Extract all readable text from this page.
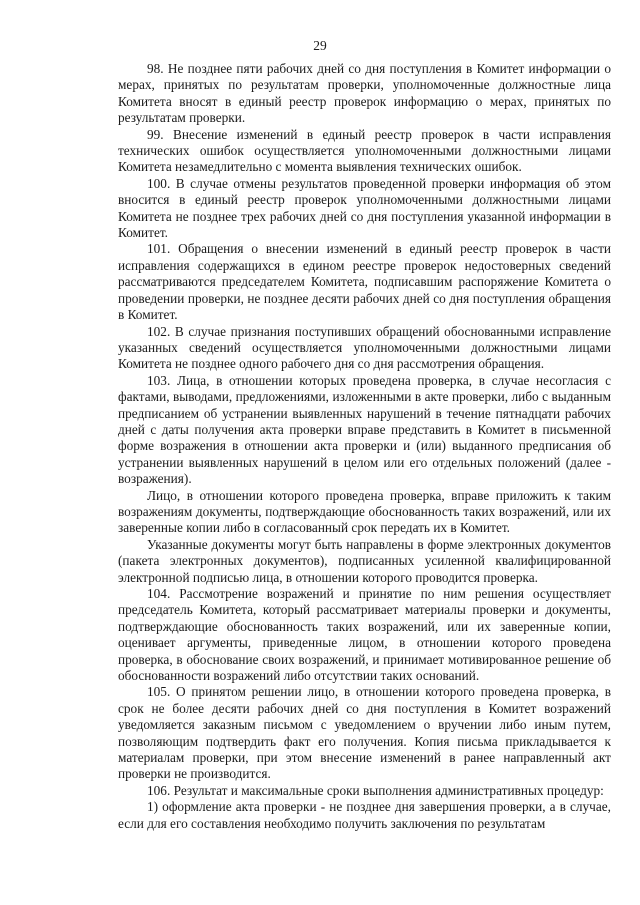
29

98. Не позднее пяти рабочих дней со дня поступления в Комитет информации о мерах, принятых по результатам проверки, уполномоченные должностные лица Комитета вносят в единый реестр проверок информацию о мерах, принятых по результатам проверки.

99. Внесение изменений в единый реестр проверок в части исправления технических ошибок осуществляется уполномоченными должностными лицами Комитета незамедлительно с момента выявления технических ошибок.

100. В случае отмены результатов проведенной проверки информация об этом вносится в единый реестр проверок уполномоченными должностными лицами Комитета не позднее трех рабочих дней со дня поступления указанной информации в Комитет.

101. Обращения о внесении изменений в единый реестр проверок в части исправления содержащихся в едином реестре проверок недостоверных сведений рассматриваются председателем Комитета, подписавшим распоряжение Комитета о проведении проверки, не позднее десяти рабочих дней со дня поступления обращения в Комитет.

102. В случае признания поступивших обращений обоснованными исправление указанных сведений осуществляется уполномоченными должностными лицами Комитета не позднее одного рабочего дня со дня рассмотрения обращения.

103. Лица, в отношении которых проведена проверка, в случае несогласия с фактами, выводами, предложениями, изложенными в акте проверки, либо с выданным предписанием об устранении выявленных нарушений в течение пятнадцати рабочих дней с даты получения акта проверки вправе представить в Комитет в письменной форме возражения в отношении акта проверки и (или) выданного предписания об устранении выявленных нарушений в целом или его отдельных положений (далее - возражения).

Лицо, в отношении которого проведена проверка, вправе приложить к таким возражениям документы, подтверждающие обоснованность таких возражений, или их заверенные копии либо в согласованный срок передать их в Комитет.

Указанные документы могут быть направлены в форме электронных документов (пакета электронных документов), подписанных усиленной квалифицированной электронной подписью лица, в отношении которого проводится проверка.

104. Рассмотрение возражений и принятие по ним решения осуществляет председатель Комитета, который рассматривает материалы проверки и документы, подтверждающие обоснованность таких возражений, или их заверенные копии, оценивает аргументы, приведенные лицом, в отношении которого проведена проверка, в обоснование своих возражений, и принимает мотивированное решение об обоснованности возражений либо отсутствии таких оснований.

105. О принятом решении лицо, в отношении которого проведена проверка, в срок не более десяти рабочих дней со дня поступления в Комитет возражений уведомляется заказным письмом с уведомлением о вручении либо иным путем, позволяющим подтвердить факт его получения. Копия письма прикладывается к материалам проверки, при этом внесение изменений в ранее направленный акт проверки не производится.

106. Результат и максимальные сроки выполнения административных процедур:

1) оформление акта проверки - не позднее дня завершения проверки, а в случае, если для его составления необходимо получить заключения по результатам
